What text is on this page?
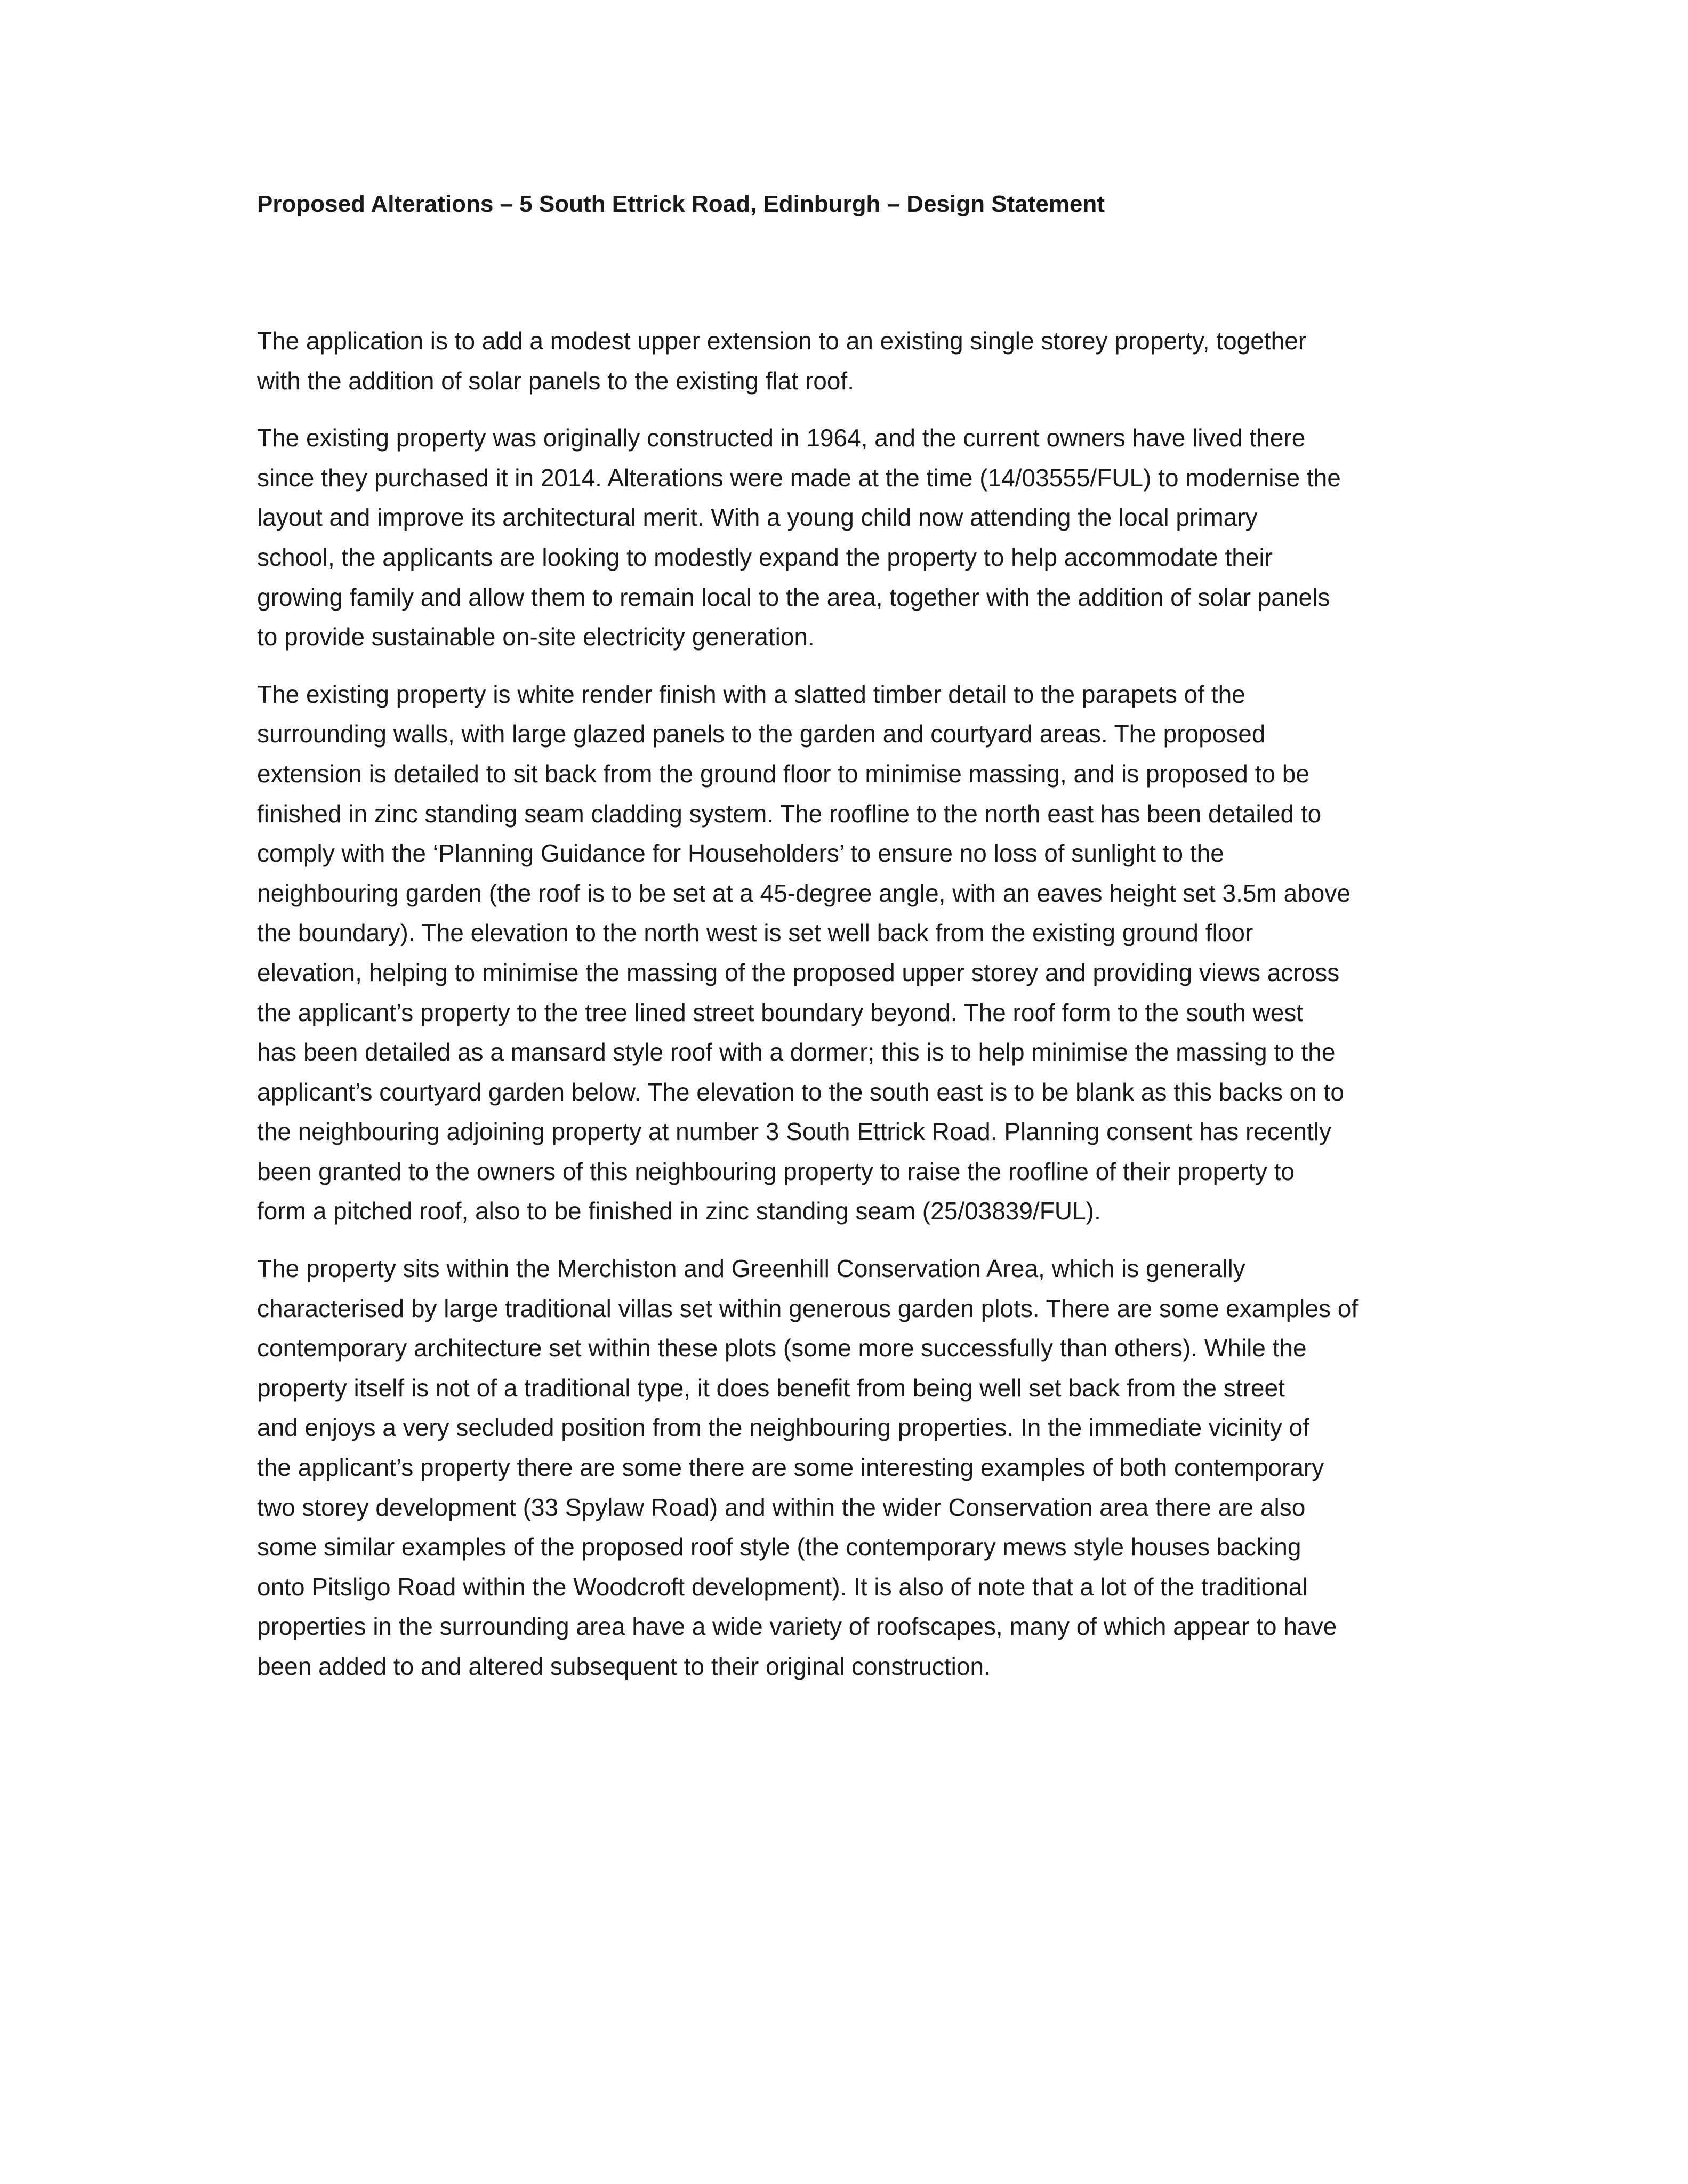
Proposed Alterations – 5 South Ettrick Road, Edinburgh – Design Statement

The application is to add a modest upper extension to an existing single storey property, together
with the addition of solar panels to the existing flat roof.

The existing property was originally constructed in 1964, and the current owners have lived there
since they purchased it in 2014. Alterations were made at the time (14/03555/FUL) to modernise the
layout and improve its architectural merit. With a young child now attending the local primary
school, the applicants are looking to modestly expand the property to help accommodate their
growing family and allow them to remain local to the area, together with the addition of solar panels
to provide sustainable on-site electricity generation.

The existing property is white render finish with a slatted timber detail to the parapets of the
surrounding walls, with large glazed panels to the garden and courtyard areas. The proposed
extension is detailed to sit back from the ground floor to minimise massing, and is proposed to be
finished in zinc standing seam cladding system. The roofline to the north east has been detailed to
comply with the ‘Planning Guidance for Householders’ to ensure no loss of sunlight to the
neighbouring garden (the roof is to be set at a 45-degree angle, with an eaves height set 3.5m above
the boundary). The elevation to the north west is set well back from the existing ground floor
elevation, helping to minimise the massing of the proposed upper storey and providing views across
the applicant’s property to the tree lined street boundary beyond. The roof form to the south west
has been detailed as a mansard style roof with a dormer; this is to help minimise the massing to the
applicant’s courtyard garden below. The elevation to the south east is to be blank as this backs on to
the neighbouring adjoining property at number 3 South Ettrick Road. Planning consent has recently
been granted to the owners of this neighbouring property to raise the roofline of their property to
form a pitched roof, also to be finished in zinc standing seam (25/03839/FUL).

The property sits within the Merchiston and Greenhill Conservation Area, which is generally
characterised by large traditional villas set within generous garden plots. There are some examples of
contemporary architecture set within these plots (some more successfully than others). While the
property itself is not of a traditional type, it does benefit from being well set back from the street
and enjoys a very secluded position from the neighbouring properties. In the immediate vicinity of
the applicant’s property there are some there are some interesting examples of both contemporary
two storey development (33 Spylaw Road) and within the wider Conservation area there are also
some similar examples of the proposed roof style (the contemporary mews style houses backing
onto Pitsligo Road within the Woodcroft development). It is also of note that a lot of the traditional
properties in the surrounding area have a wide variety of roofscapes, many of which appear to have
been added to and altered subsequent to their original construction.
